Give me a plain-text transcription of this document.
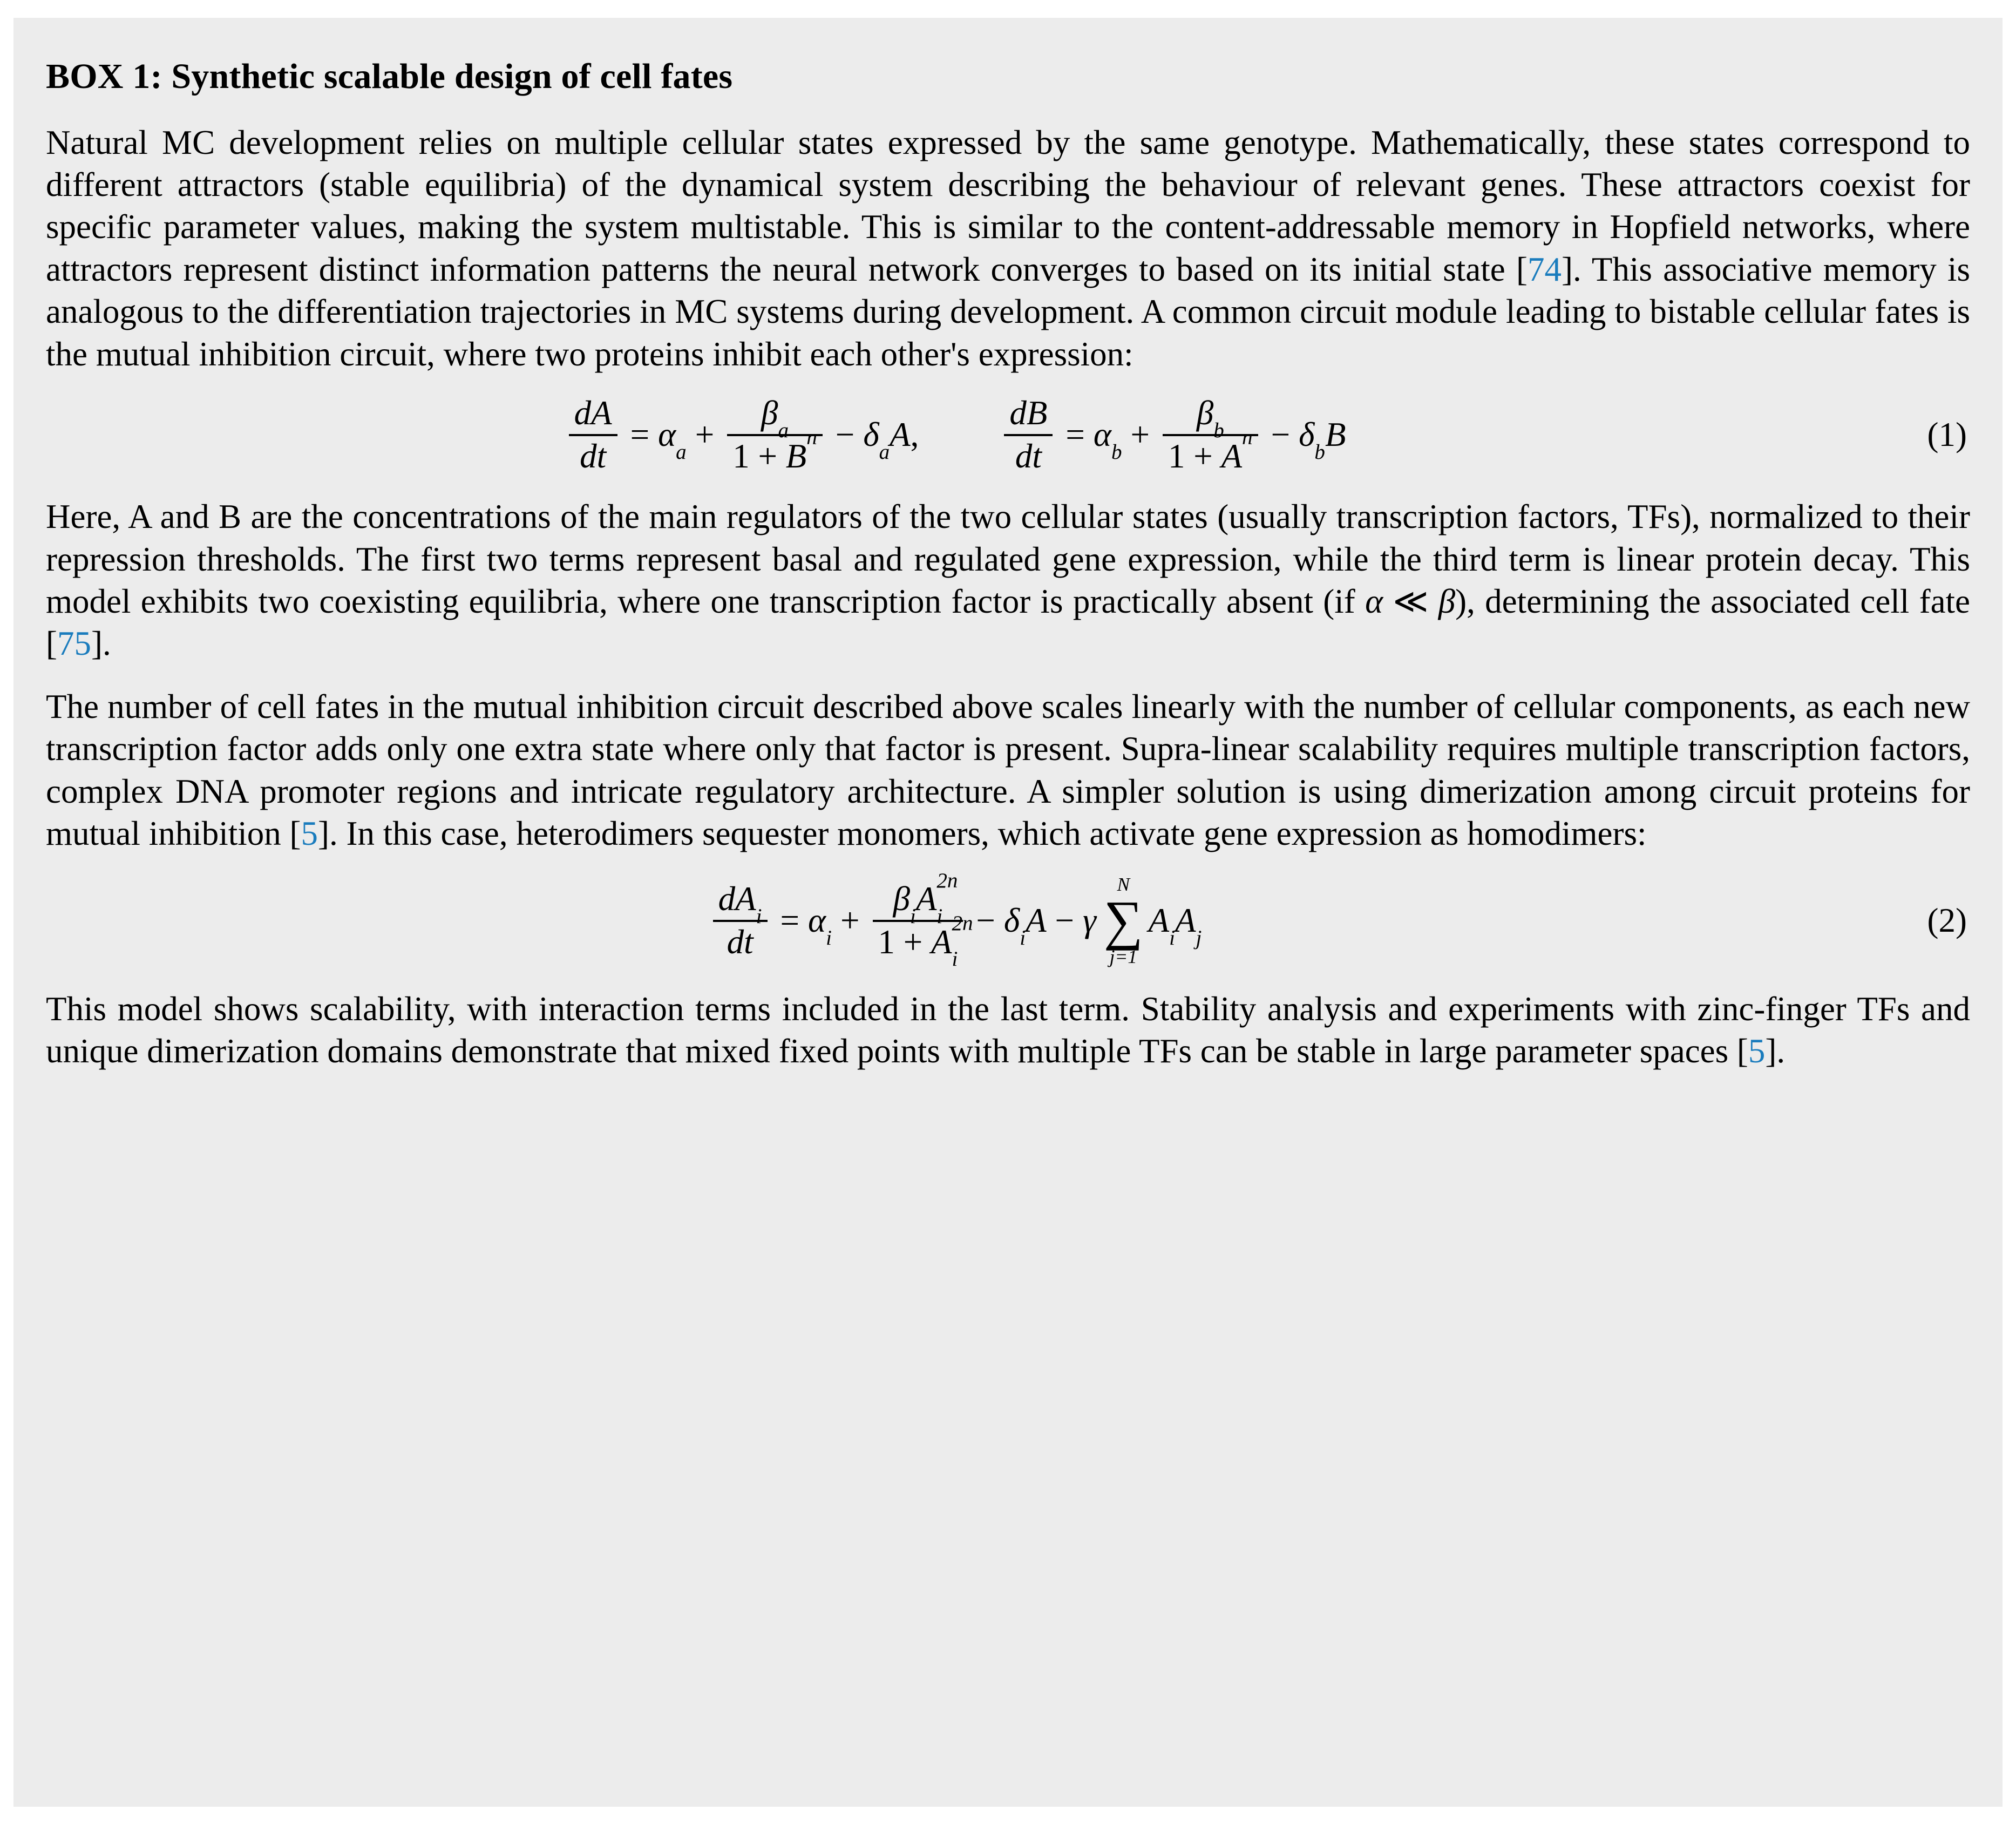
BOX 1: Synthetic scalable design of cell fates

Natural MC development relies on multiple cellular states expressed by the same genotype. Mathematically, these states correspond to different attractors (stable equilibria) of the dynamical system describing the behaviour of relevant genes. These attractors coexist for specific parameter values, making the system multistable. This is similar to the content-addressable memory in Hopfield networks, where attractors represent distinct information patterns the neural network converges to based on its initial state [74]. This associative memory is analogous to the differentiation trajectories in MC systems during development. A common circuit module leading to bistable cellular fates is the mutual inhibition circuit, where two proteins inhibit each other's expression:

$\frac{dA}{dt} = \alpha_a + \frac{\beta_a}{1 + B^n} - \delta_aA$ ,	$\frac{dB}{dt} = \alpha_b + \frac{\beta_b}{1 + A^n} - \delta_bB$	(1)

Here, A and B are the concentrations of the main regulators of the two cellular states (usually transcription factors, TFs), normalized to their repression thresholds. The first two terms represent basal and regulated gene expression, while the third term is linear protein decay. This model exhibits two coexisting equilibria, where one transcription factor is practically absent (if α ≪ β), determining the associated cell fate [75].

The number of cell fates in the mutual inhibition circuit described above scales linearly with the number of cellular components, as each new transcription factor adds only one extra state where only that factor is present. Supra-linear scalability requires multiple transcription factors, complex DNA promoter regions and intricate regulatory architecture. A simpler solution is using dimerization among circuit proteins for mutual inhibition [5]. In this case, heterodimers sequester monomers, which activate gene expression as homodimers:

$\frac{dA_i}{dt} = \alpha_i + \frac{\beta_iA^{2n}_i}{1 + A^{2n}_i} - \delta_iA - \gamma$
N
∑
j=1
$A_iA_j$	(2)

This model shows scalability, with interaction terms included in the last term. Stability analysis and experiments with zinc-finger TFs and unique dimerization domains demonstrate that mixed fixed points with multiple TFs can be stable in large parameter spaces [5].
